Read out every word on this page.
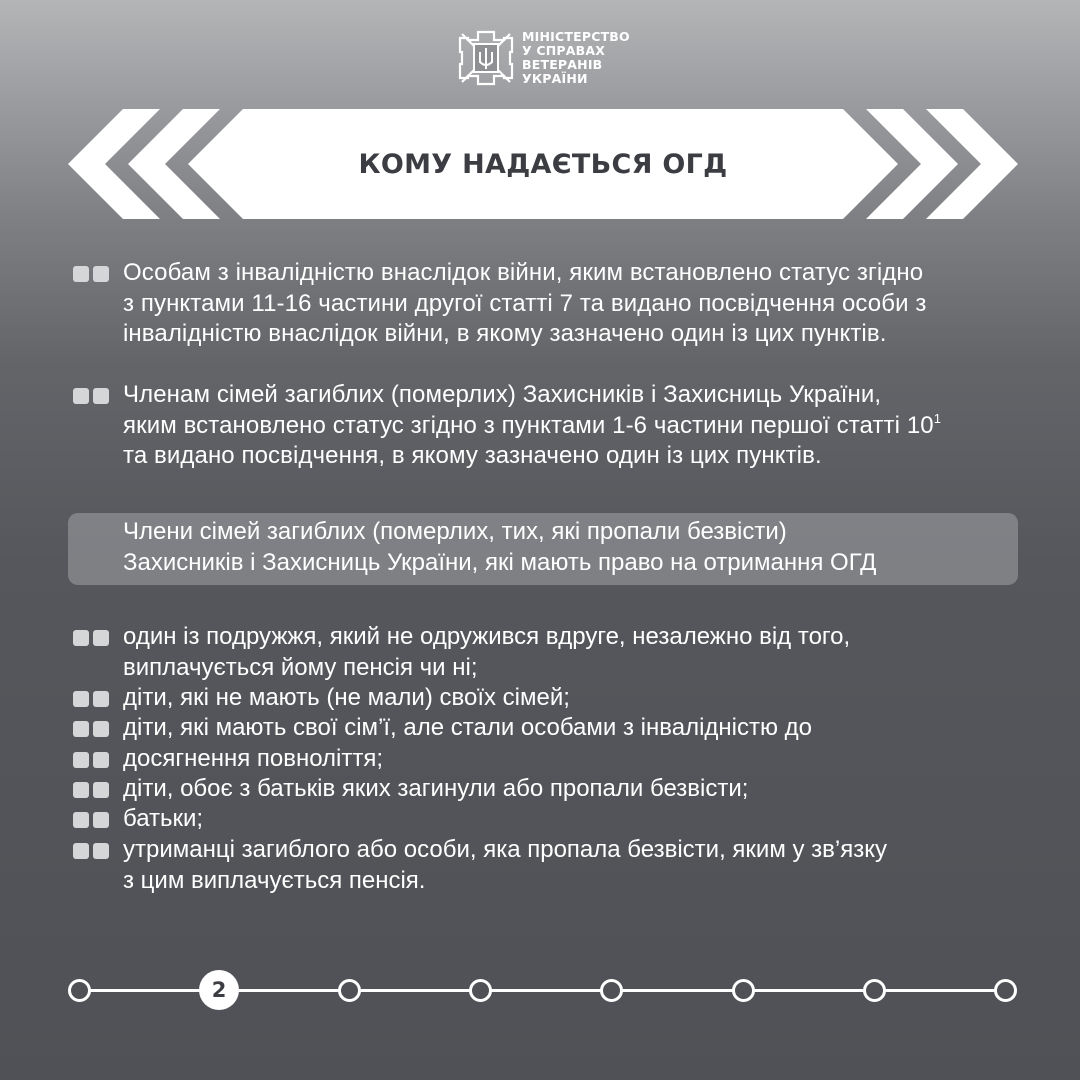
МІНІСТЕРСТВО
У СПРАВАХ
ВЕТЕРАНІВ
УКРАЇНИ
КОМУ НАДАЄТЬСЯ ОГД
Особам з інвалідністю внаслідок війни, яким встановлено статус згідно
з пунктами 11-16 частини другої статті 7 та видано посвідчення особи з
інвалідністю внаслідок війни, в якому зазначено один із цих пунктів.
Членам сімей загиблих (померлих) Захисників і Захисниць України,
яким встановлено статус згідно з пунктами 1-6 частини першої статті $10^1$
та видано посвідчення, в якому зазначено один із цих пунктів.
Члени сімей загиблих (померлих, тих, які пропали безвісти)
Захисників і Захисниць України, які мають право на отримання ОГД
один із подружжя, який не одружився вдруге, незалежно від того,
виплачується йому пенсія чи ні;
діти, які не мають (не мали) своїх сімей;
діти, які мають свої сім’ї, але стали особами з інвалідністю до
досягнення повноліття;
діти, обоє з батьків яких загинули або пропали безвісти;
батьки;
утриманці загиблого або особи, яка пропала безвісти, яким у зв’язку
з цим виплачується пенсія.
2
